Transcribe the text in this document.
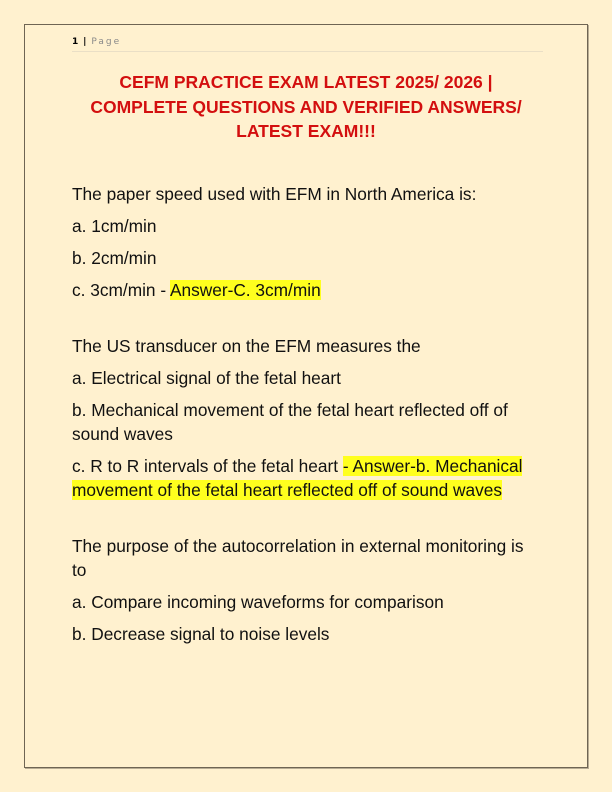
1 | Page
CEFM PRACTICE EXAM LATEST 2025/ 2026 |
COMPLETE QUESTIONS AND VERIFIED ANSWERS/
LATEST EXAM!!!

The paper speed used with EFM in North America is:

a. 1cm/min

b. 2cm/min

c. 3cm/min - Answer-C. 3cm/min

The US transducer on the EFM measures the

a. Electrical signal of the fetal heart

b. Mechanical movement of the fetal heart reflected off of sound waves

c. R to R intervals of the fetal heart - Answer-b. Mechanical movement of the fetal heart reflected off of sound waves

The purpose of the autocorrelation in external monitoring is to

a. Compare incoming waveforms for comparison

b. Decrease signal to noise levels
